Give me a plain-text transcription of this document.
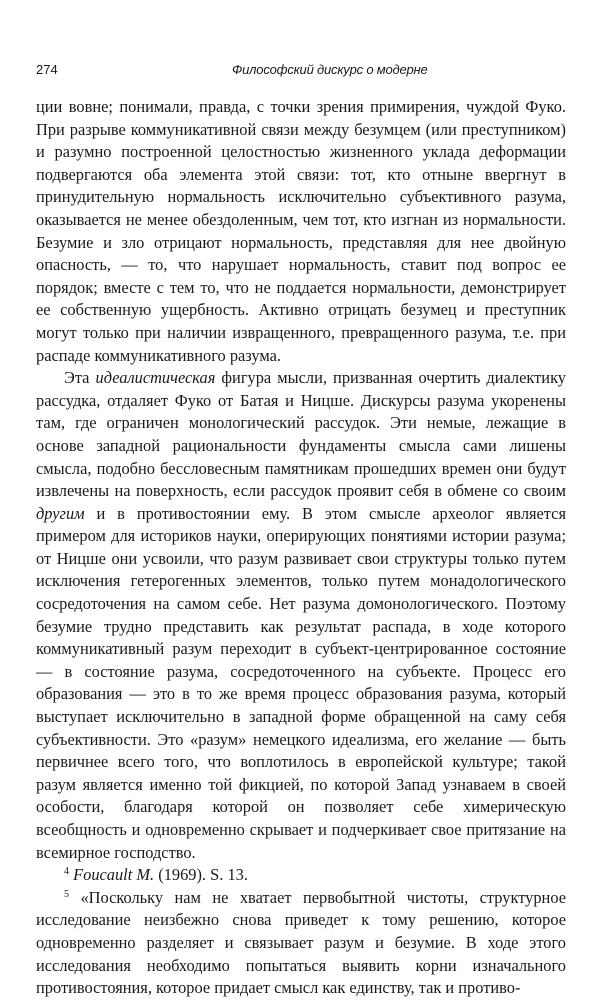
274	Философский дискурс о модерне

ции вовне; понимали, правда, с точки зрения примирения, чуждой Фуко. При разрыве коммуникативной связи между безумцем (или преступником) и разумно построенной целостностью жизненного уклада деформации подвергаются оба элемента этой связи: тот, кто отныне ввергнут в принудительную нормальность исключительно субъективного разума, оказывается не менее обездоленным, чем тот, кто изгнан из нормальности. Безумие и зло отрицают нормальность, представляя для нее двойную опасность, — то, что нарушает нормальность, ставит под вопрос ее порядок; вместе с тем то, что не поддается нормальности, демонстрирует ее собственную ущербность. Активно отрицать безумец и преступник могут только при наличии извращенного, превращенного разума, т.е. при распаде коммуникативного разума.

Эта идеалистическая фигура мысли, призванная очертить диалектику рассудка, отдаляет Фуко от Батая и Ницше. Дискурсы разума укоренены там, где ограничен монологический рассудок. Эти немые, лежащие в основе западной рациональности фундаменты смысла сами лишены смысла, подобно бессловесным памятникам прошедших времен они будут извлечены на поверхность, если рассудок проявит себя в обмене со своим другим и в противостоянии ему. В этом смысле археолог является примером для историков науки, оперирующих понятиями истории разума; от Ницше они усвоили, что разум развивает свои структуры только путем исключения гетерогенных элементов, только путем монадологического сосредоточения на самом себе. Нет разума домонологического. Поэтому безумие трудно представить как результат распада, в ходе которого коммуникативный разум переходит в субъект-центрированное состояние — в состояние разума, сосредоточенного на субъекте. Процесс его образования — это в то же время процесс образования разума, который выступает исключительно в западной форме обращенной на саму себя субъективности. Это «разум» немецкого идеализма, его желание — быть первичнее всего того, что воплотилось в европейской культуре; такой разум является именно той фикцией, по которой Запад узнаваем в своей особости, благодаря которой он позволяет себе химерическую всеобщность и одновременно скрывает и подчеркивает свое притязание на всемирное господство.

$^4$ Foucault M. (1969). S. 13.

$^5$ «Поскольку нам не хватает первобытной чистоты, структурное исследование неизбежно снова приведет к тому решению, которое одновременно разделяет и связывает разум и безумие. В ходе этого исследования необходимо попытаться выявить корни изначального противостояния, которое придает смысл как единству, так и противо-
